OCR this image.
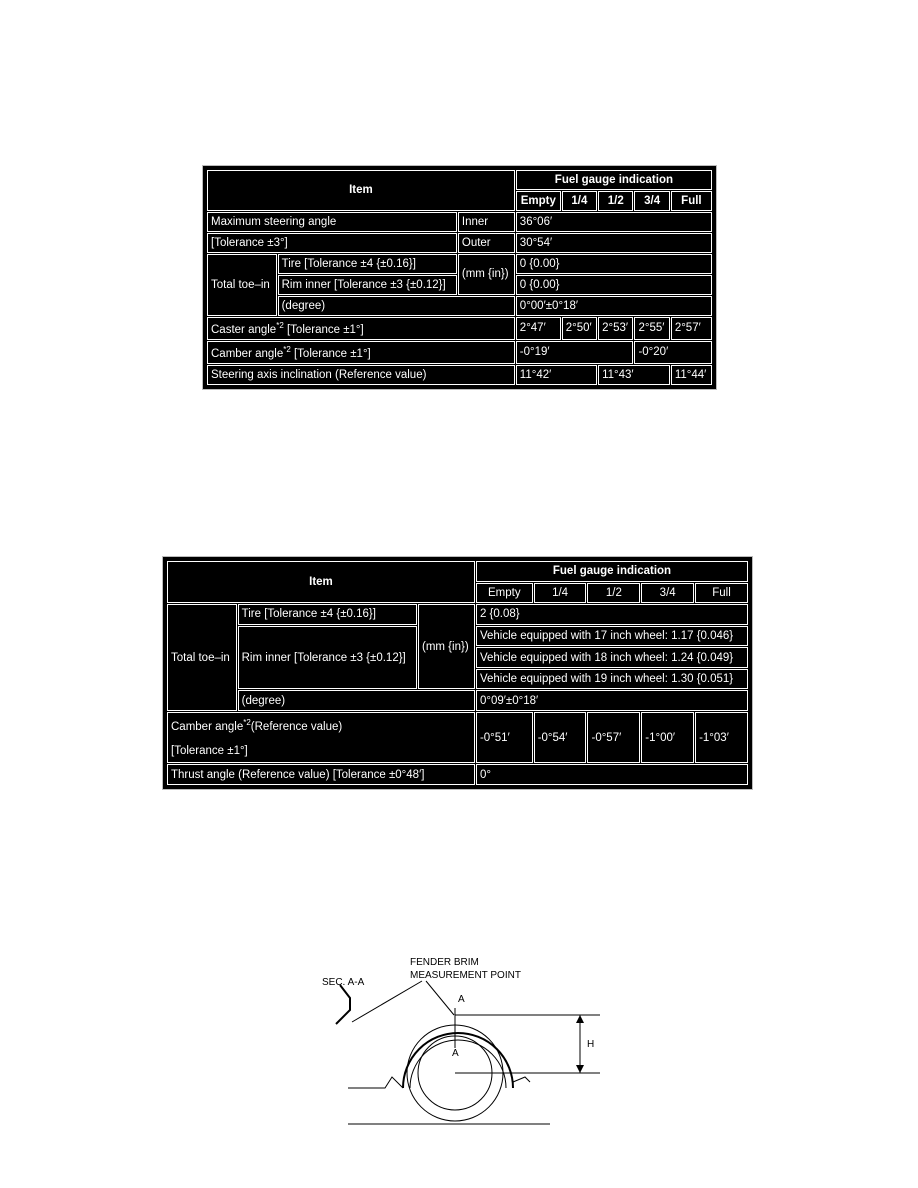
Item			Fuel gauge indication				
			Empty	1/4	1/2	3/4	Full
Maximum steering angle		Inner	36°06′				
[Tolerance ±3°]		Outer	30°54′				
Total toe–in	Tire [Tolerance ±4 {±0.16}]	(mm {in})	0 {0.00}				
	Rim inner [Tolerance ±3 {±0.12}]		0 {0.00}				
	(degree)		0°00′±0°18′				
Caster angle$^{*2}$ [Tolerance ±1°]			2°47′	2°50′	2°53′	2°55′	2°57′
Camber angle$^{*2}$ [Tolerance ±1°]			-0°19′			-0°20′	
Steering axis inclination (Reference value)			11°42′		11°43′		11°44′
Item			Fuel gauge indication				
			Empty	1/4	1/2	3/4	Full
Total toe–in	Tire [Tolerance ±4 {±0.16}]	(mm {in})	2 {0.08}				
	Rim inner [Tolerance ±3 {±0.12}]		Vehicle equipped with 17 inch wheel: 1.17 {0.046}				
			Vehicle equipped with 18 inch wheel: 1.24 {0.049}				
			Vehicle equipped with 19 inch wheel: 1.30 {0.051}				
	(degree)		0°09′±0°18′				
Camber angle$^{*2}$(Reference value)

[Tolerance ±1°]			-0°51′	-0°54′	-0°57′	-1°00′	-1°03′
Thrust angle (Reference value) [Tolerance ±0°48′]			0°				
FENDER BRIM
MEASUREMENT POINT
SEC. A-A
A
A
H
